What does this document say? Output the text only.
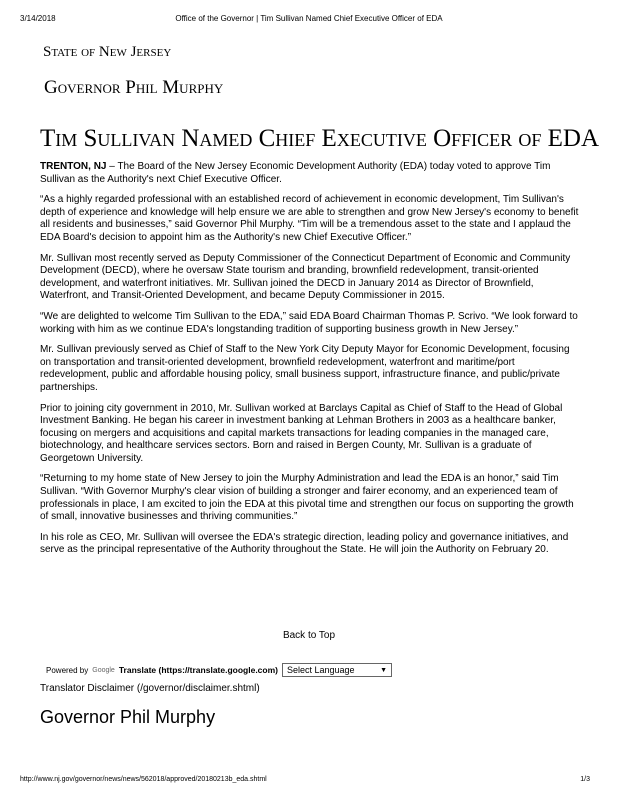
3/14/2018	Office of the Governor | Tim Sullivan Named Chief Executive Officer of EDA
State of New Jersey
Governor Phil Murphy
Tim Sullivan Named Chief Executive Officer of EDA

TRENTON, NJ – The Board of the New Jersey Economic Development Authority (EDA) today voted to approve Tim Sullivan as the Authority's next Chief Executive Officer.

“As a highly regarded professional with an established record of achievement in economic development, Tim Sullivan's depth of experience and knowledge will help ensure we are able to strengthen and grow New Jersey's economy to benefit all residents and businesses,” said Governor Phil Murphy. “Tim will be a tremendous asset to the state and I applaud the EDA Board's decision to appoint him as the Authority's new Chief Executive Officer.”

Mr. Sullivan most recently served as Deputy Commissioner of the Connecticut Department of Economic and Community Development (DECD), where he oversaw State tourism and branding, brownfield redevelopment, transit-oriented development, and waterfront initiatives. Mr. Sullivan joined the DECD in January 2014 as Director of Brownfield, Waterfront, and Transit-Oriented Development, and became Deputy Commissioner in 2015.

“We are delighted to welcome Tim Sullivan to the EDA,” said EDA Board Chairman Thomas P. Scrivo. “We look forward to working with him as we continue EDA's longstanding tradition of supporting business growth in New Jersey.”

Mr. Sullivan previously served as Chief of Staff to the New York City Deputy Mayor for Economic Development, focusing on transportation and transit-oriented development, brownfield redevelopment, waterfront and maritime/port redevelopment, public and affordable housing policy, small business support, infrastructure finance, and public/private partnerships.

Prior to joining city government in 2010, Mr. Sullivan worked at Barclays Capital as Chief of Staff to the Head of Global Investment Banking. He began his career in investment banking at Lehman Brothers in 2003 as a healthcare banker, focusing on mergers and acquisitions and capital markets transactions for leading companies in the managed care, biotechnology, and healthcare services sectors. Born and raised in Bergen County, Mr. Sullivan is a graduate of Georgetown University.

“Returning to my home state of New Jersey to join the Murphy Administration and lead the EDA is an honor,” said Tim Sullivan. “With Governor Murphy's clear vision of building a stronger and fairer economy, and an experienced team of professionals in place, I am excited to join the EDA at this pivotal time and strengthen our focus on supporting the growth of small, innovative businesses and thriving communities.”

In his role as CEO, Mr. Sullivan will oversee the EDA's strategic direction, leading policy and governance initiatives, and serve as the principal representative of the Authority throughout the State. He will join the Authority on February 20.

Back to Top
Powered by Google Translate (https://translate.google.com) Select Language	▼
Translator Disclaimer (/governor/disclaimer.shtml)
Governor Phil Murphy
http://www.nj.gov/governor/news/news/562018/approved/20180213b_eda.shtml	1/3
